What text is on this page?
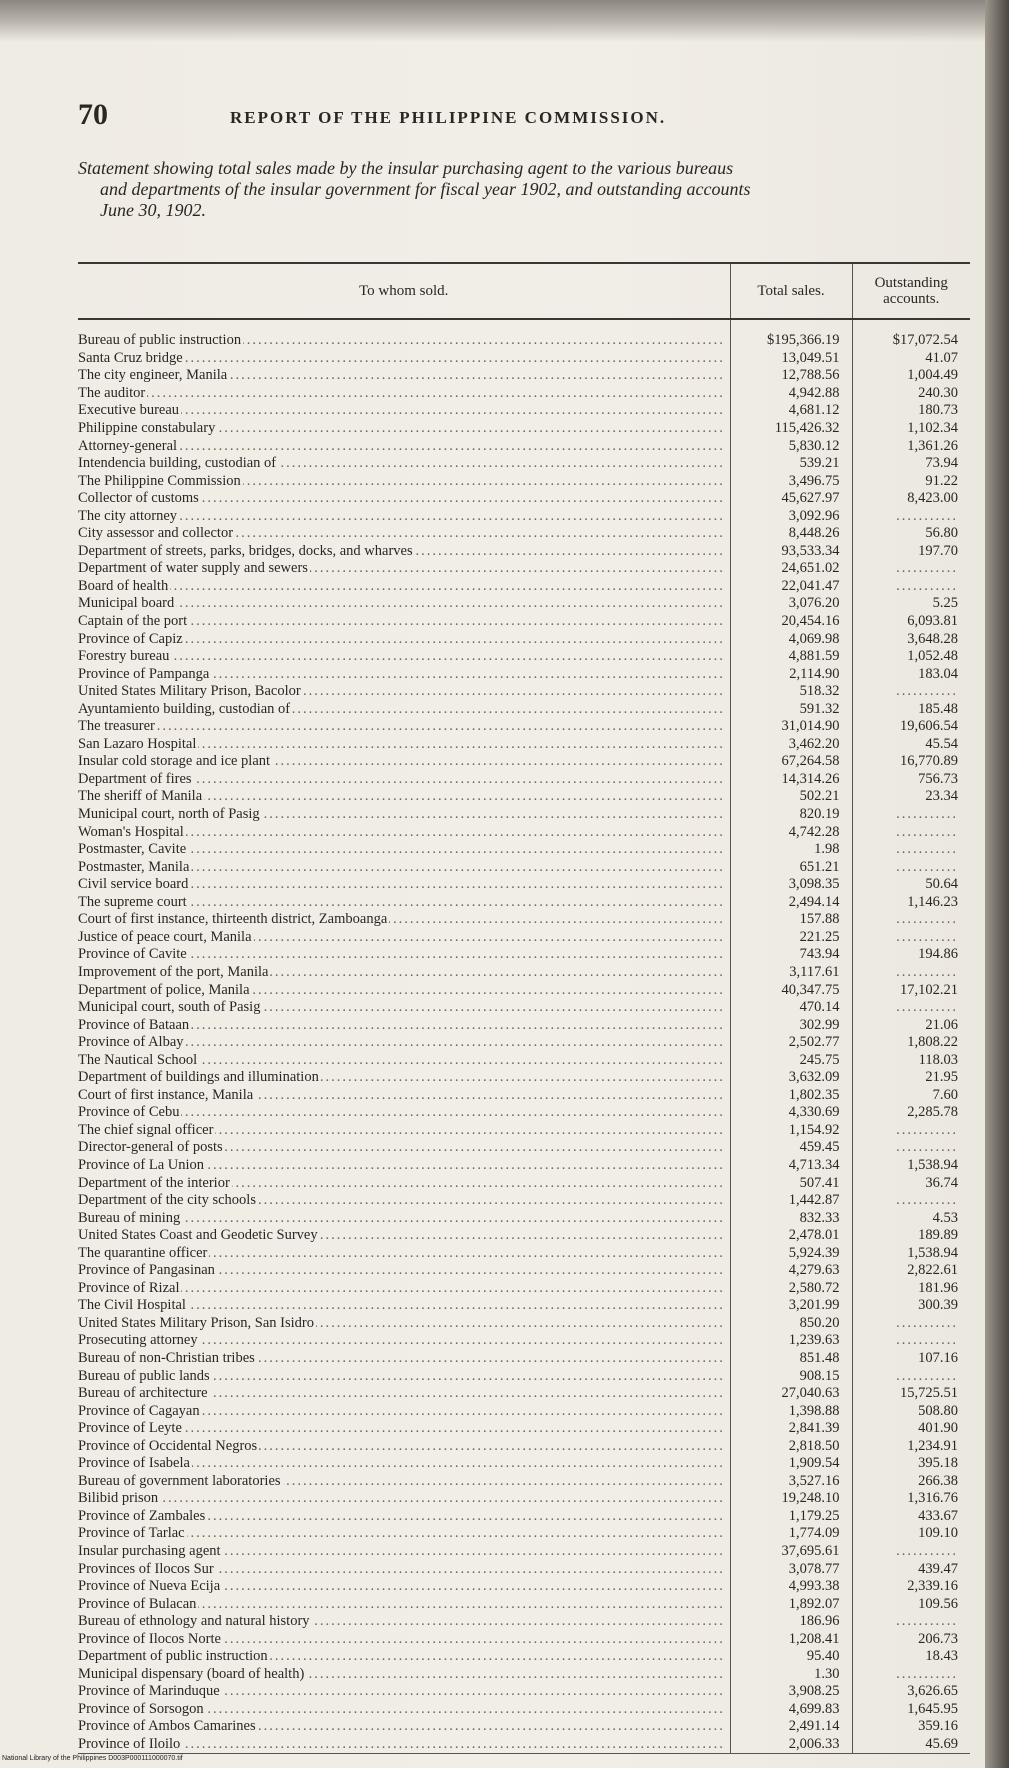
70	REPORT OF THE PHILIPPINE COMMISSION.
Statement showing total sales made by the insular purchasing agent to the various bureaus
and departments of the insular government for fiscal year 1902, and outstanding accounts
June 30, 1902.
To whom sold.	Total sales.	Outstanding accounts.

Bureau of public instruction .....	$195,366.19	$17,072.54

Santa Cruz bridge .....	13,049.51	41.07

The city engineer, Manila .....	12,788.56	1,004.49

The auditor .....	4,942.88	240.30

Executive bureau .....	4,681.12	180.73

Philippine constabulary .....	115,426.32	1,102.34

Attorney-general .....	5,830.12	1,361.26

Intendencia building, custodian of .....	539.21	73.94

The Philippine Commission .....	3,496.75	91.22

Collector of customs .....	45,627.97	8,423.00

The city attorney .....	3,092.96	...........

City assessor and collector .....	8,448.26	56.80

Department of streets, parks, bridges, docks, and wharves .....	93,533.34	197.70

Department of water supply and sewers .....	24,651.02	...........

Board of health .....	22,041.47	...........

Municipal board .....	3,076.20	5.25

Captain of the port .....	20,454.16	6,093.81

Province of Capiz .....	4,069.98	3,648.28

Forestry bureau .....	4,881.59	1,052.48

Province of Pampanga .....	2,114.90	183.04

United States Military Prison, Bacolor .....	518.32	...........

Ayuntamiento building, custodian of .....	591.32	185.48

The treasurer .....	31,014.90	19,606.54

San Lazaro Hospital .....	3,462.20	45.54

Insular cold storage and ice plant .....	67,264.58	16,770.89

Department of fires .....	14,314.26	756.73

The sheriff of Manila .....	502.21	23.34

Municipal court, north of Pasig .....	820.19	...........

Woman's Hospital .....	4,742.28	...........

Postmaster, Cavite .....	1.98	...........

Postmaster, Manila .....	651.21	...........

Civil service board .....	3,098.35	50.64

The supreme court .....	2,494.14	1,146.23

Court of first instance, thirteenth district, Zamboanga .....	157.88	...........

Justice of peace court, Manila .....	221.25	...........

Province of Cavite .....	743.94	194.86

Improvement of the port, Manila .....	3,117.61	...........

Department of police, Manila .....	40,347.75	17,102.21

Municipal court, south of Pasig .....	470.14	...........

Province of Bataan .....	302.99	21.06

Province of Albay .....	2,502.77	1,808.22

The Nautical School .....	245.75	118.03

Department of buildings and illumination .....	3,632.09	21.95

Court of first instance, Manila .....	1,802.35	7.60

Province of Cebu .....	4,330.69	2,285.78

The chief signal officer .....	1,154.92	...........

Director-general of posts .....	459.45	...........

Province of La Union .....	4,713.34	1,538.94

Department of the interior .....	507.41	36.74

Department of the city schools .....	1,442.87	...........

Bureau of mining .....	832.33	4.53

United States Coast and Geodetic Survey .....	2,478.01	189.89

The quarantine officer .....	5,924.39	1,538.94

Province of Pangasinan .....	4,279.63	2,822.61

Province of Rizal .....	2,580.72	181.96

The Civil Hospital .....	3,201.99	300.39

United States Military Prison, San Isidro .....	850.20	...........

Prosecuting attorney .....	1,239.63	...........

Bureau of non-Christian tribes .....	851.48	107.16

Bureau of public lands .....	908.15	...........

Bureau of architecture .....	27,040.63	15,725.51

Province of Cagayan .....	1,398.88	508.80

Province of Leyte .....	2,841.39	401.90

Province of Occidental Negros .....	2,818.50	1,234.91

Province of Isabela .....	1,909.54	395.18

Bureau of government laboratories .....	3,527.16	266.38

Bilibid prison .....	19,248.10	1,316.76

Province of Zambales .....	1,179.25	433.67

Province of Tarlac .....	1,774.09	109.10

Insular purchasing agent .....	37,695.61	...........

Provinces of Ilocos Sur .....	3,078.77	439.47

Province of Nueva Ecija .....	4,993.38	2,339.16

Province of Bulacan .....	1,892.07	109.56

Bureau of ethnology and natural history .....	186.96	...........

Province of Ilocos Norte .....	1,208.41	206.73

Department of public instruction .....	95.40	18.43

Municipal dispensary (board of health) .....	1.30	...........

Province of Marinduque .....	3,908.25	3,626.65

Province of Sorsogon .....	4,699.83	1,645.95

Province of Ambos Camarines .....	2,491.14	359.16

Province of Iloilo .....	2,006.33	45.69
National Library of the Philippines D003P000111000070.tif
